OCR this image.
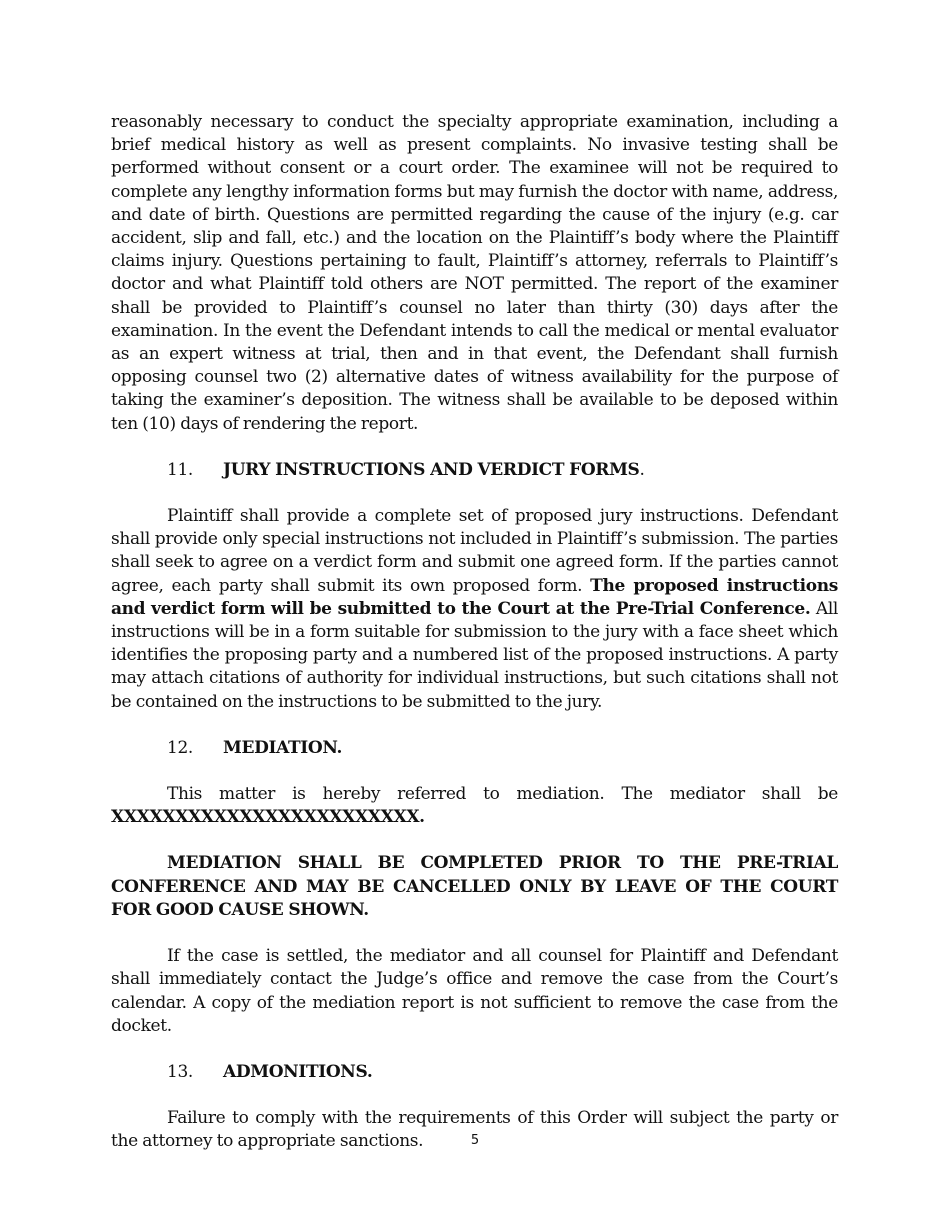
reasonably necessary to conduct the specialty appropriate examination, including a brief medical history as well as present complaints. No invasive testing shall be performed without consent or a court order. The examinee will not be required to complete any lengthy information forms but may furnish the doctor with name, address, and date of birth. Questions are permitted regarding the cause of the injury (e.g. car accident, slip and fall, etc.) and the location on the Plaintiff’s body where the Plaintiff claims injury. Questions pertaining to fault, Plaintiff’s attorney, referrals to Plaintiff’s doctor and what Plaintiff told others are NOT permitted. The report of the examiner shall be provided to Plaintiff’s counsel no later than thirty (30) days after the examination. In the event the Defendant intends to call the medical or mental evaluator as an expert witness at trial, then and in that event, the Defendant shall furnish opposing counsel two (2) alternative dates of witness availability for the purpose of taking the examiner’s deposition. The witness shall be available to be deposed within ten (10) days of rendering the report.

11. JURY INSTRUCTIONS AND VERDICT FORMS.

Plaintiff shall provide a complete set of proposed jury instructions. Defendant shall provide only special instructions not included in Plaintiff’s submission. The parties shall seek to agree on a verdict form and submit one agreed form. If the parties cannot agree, each party shall submit its own proposed form. The proposed instructions and verdict form will be submitted to the Court at the Pre-Trial Conference. All instructions will be in a form suitable for submission to the jury with a face sheet which identifies the proposing party and a numbered list of the proposed instructions. A party may attach citations of authority for individual instructions, but such citations shall not be contained on the instructions to be submitted to the jury.

12. MEDIATION.

This matter is hereby referred to mediation. The mediator shall be XXXXXXXXXXXXXXXXXXXXXXXX.

MEDIATION SHALL BE COMPLETED PRIOR TO THE PRE-TRIAL CONFERENCE AND MAY BE CANCELLED ONLY BY LEAVE OF THE COURT FOR GOOD CAUSE SHOWN.

If the case is settled, the mediator and all counsel for Plaintiff and Defendant shall immediately contact the Judge’s office and remove the case from the Court’s calendar. A copy of the mediation report is not sufficient to remove the case from the docket.

13. ADMONITIONS.

Failure to comply with the requirements of this Order will subject the party or the attorney to appropriate sanctions.	5
